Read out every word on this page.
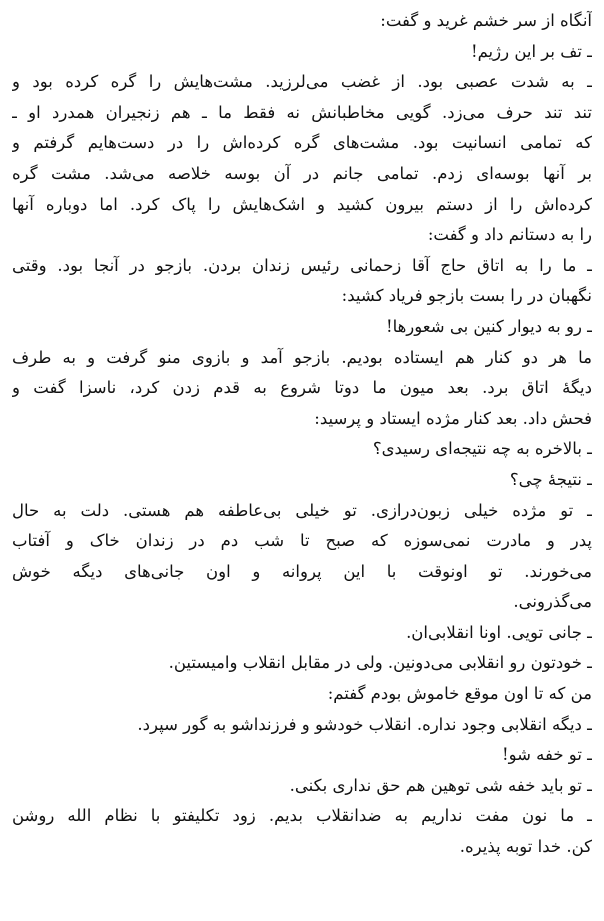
آنگاه از سر خشم غرید و گفت:
ـ تف بر این رژیم!
ـ به شدت عصبی بود. از غضب می‌لرزید. مشت‌هایش را گره کرده بود و
تند تند حرف می‌زد. گویی مخاطبانش نه فقط ما ـ هم زنجیران همدرد او ـ
که تمامی انسانیت بود. مشت‌های گره کرده‌اش را در دست‌هایم گرفتم و
بر آنها بوسه‌ای زدم. تمامی جانم در آن بوسه خلاصه می‌شد. مشت گره
کرده‌اش را از دستم بیرون کشید و اشک‌هایش را پاک کرد. اما دوباره آنها
را به دستانم داد و گفت:
ـ ما را به اتاق حاج آقا زحمانی رئیس زندان بردن. بازجو در آنجا بود. وقتی
نگهبان در را بست بازجو فریاد کشید:
ـ رو به دیوار کنین بی شعورها!
ما هر دو کنار هم ایستاده بودیم. بازجو آمد و بازوی منو گرفت و به طرف
دیگهٔ اتاق برد. بعد میون ما دوتا شروع به قدم زدن کرد، ناسزا گفت و
فحش داد. بعد کنار مژده ایستاد و پرسید:
ـ بالاخره به چه نتیجه‌ای رسیدی؟
ـ نتیجهٔ چی؟
ـ تو مژده خیلی زبون‌درازی. تو خیلی بی‌عاطفه هم هستی. دلت به حال
پدر و مادرت نمی‌سوزه که صبح تا شب دم در زندان خاک و آفتاب
می‌خورند. تو اونوقت با این پروانه و اون جانی‌های دیگه خوش
می‌گذرونی.
ـ جانی تویی. اونا انقلابی‌ان.
ـ خودتون رو انقلابی می‌دونین. ولی در مقابل انقلاب وامیستین.
من که تا اون موقع خاموش بودم گفتم:
ـ دیگه انقلابی وجود نداره. انقلاب خودشو و فرزنداشو به گور سپرد.
ـ تو خفه شو!
ـ تو باید خفه شی توهین هم حق نداری بکنی.
ـ ما نون مفت نداریم به ضدانقلاب بدیم. زود تکلیفتو با نظام الله روشن
کن. خدا توبه پذیره.
